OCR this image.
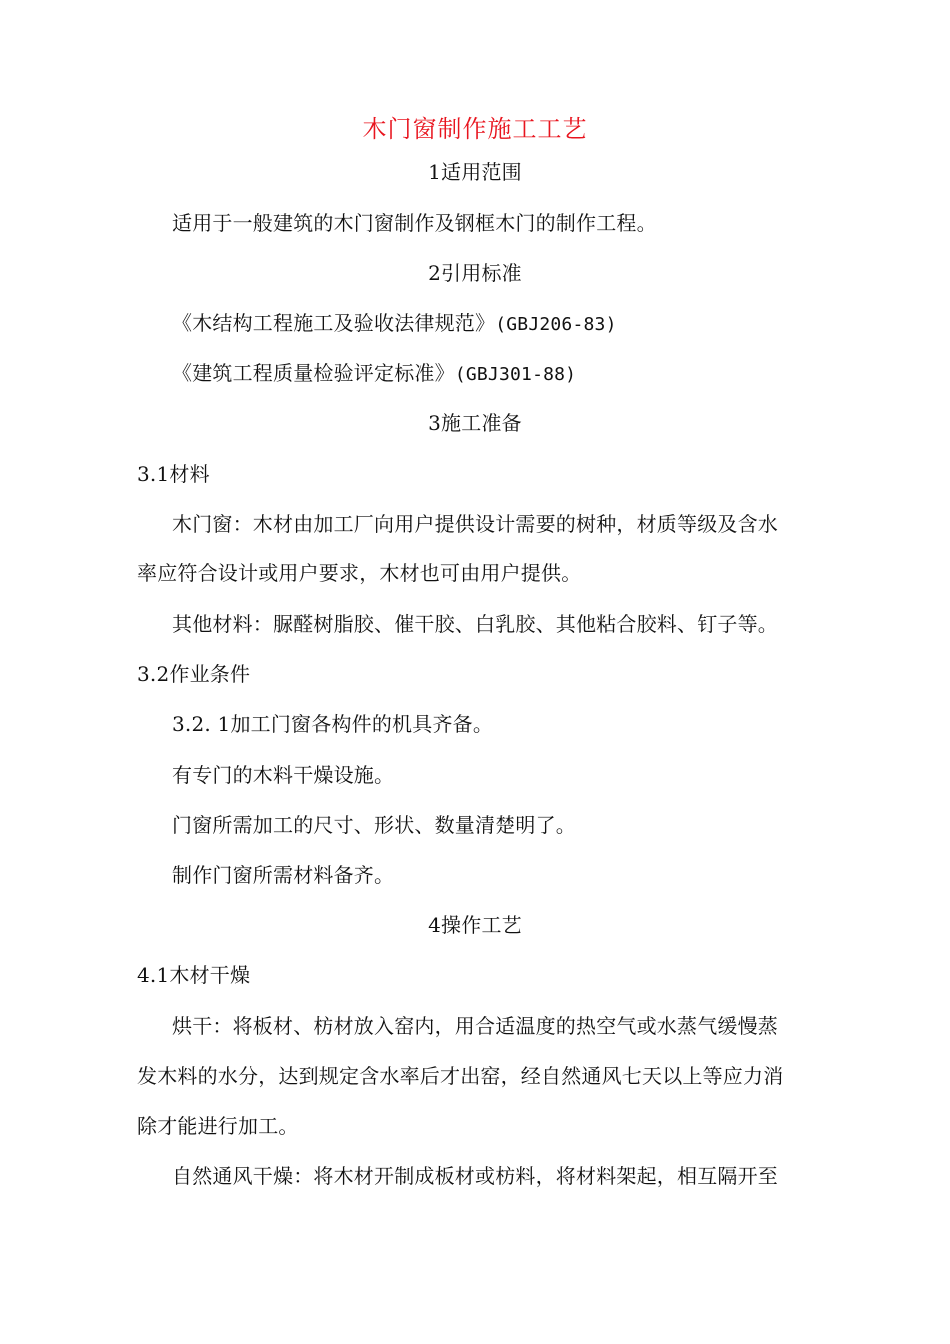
木门窗制作施工工艺
1适用范围
适用于一般建筑的木门窗制作及钢框木门的制作工程。
2引用标准
《木结构工程施工及验收法律规范》(GBJ206-83)
《建筑工程质量检验评定标准》(GBJ301-88)
3施工准备
3.1材料
木门窗：木材由加工厂向用户提供设计需要的树种，材质等级及含水
率应符合设计或用户要求，木材也可由用户提供。
其他材料：脲醛树脂胶、催干胶、白乳胶、其他粘合胶料、钉子等。
3.2作业条件
3.2. 1加工门窗各构件的机具齐备。
有专门的木料干燥设施。
门窗所需加工的尺寸、形状、数量清楚明了。
制作门窗所需材料备齐。
4操作工艺
4.1木材干燥
烘干：将板材、枋材放入窑内，用合适温度的热空气或水蒸气缓慢蒸
发木料的水分，达到规定含水率后才出窑，经自然通风七天以上等应力消
除才能进行加工。
自然通风干燥：将木材开制成板材或枋料，将材料架起，相互隔开至
